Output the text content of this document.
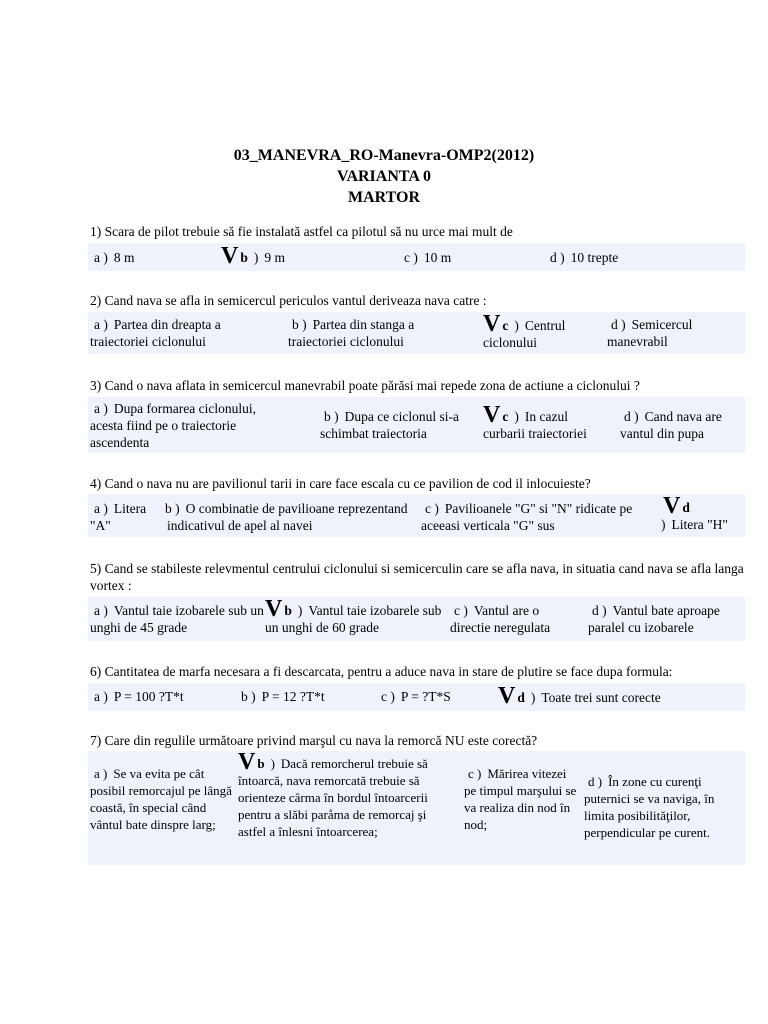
03_MANEVRA_RO-Manevra-OMP2(2012)
VARIANTA 0
MARTOR
1) Scara de pilot trebuie să fie instalată astfel ca pilotul să nu urce mai mult de
a ) 8 m	Vb ) 9 m	c ) 10 m	d ) 10 trepte
2) Cand nava se afla in semicercul periculos vantul deriveaza nava catre :
a ) Partea din dreapta a traiectoriei ciclonului
b ) Partea din stanga a traiectoriei ciclonului
Vc ) Centrul ciclonului
d ) Semicercul manevrabil
3) Cand o nava aflata in semicercul manevrabil poate părăsi mai repede zona de actiune a ciclonului ?
a ) Dupa formarea ciclonului, acesta fiind pe o traiectorie ascendenta
b ) Dupa ce ciclonul si-a schimbat traiectoria
Vc ) In cazul curbarii traiectoriei
d ) Cand nava are vantul din pupa
4) Cand o nava nu are pavilionul tarii in care face escala cu ce pavilion de cod il inlocuieste?
a ) Litera "A"
b ) O combinatie de pavilioane reprezentand indicativul de apel al navei
c ) Pavilioanele "G" si "N" ridicate pe aceeasi verticala "G" sus
Vd
) Litera "H"
5) Cand se stabileste relevmentul centrului ciclonului si semicerculin care se afla nava, in situatia cand nava se afla langa vortex :
a ) Vantul taie izobarele sub un unghi de 45 grade
Vb ) Vantul taie izobarele sub un unghi de 60 grade
c ) Vantul are o directie neregulata
d ) Vantul bate aproape paralel cu izobarele
6) Cantitatea de marfa necesara a fi descarcata, pentru a aduce nava in stare de plutire se face dupa formula:
a ) P = 100 ?T*t	b ) P = 12 ?T*t	c ) P = ?T*S	Vd ) Toate trei sunt corecte
7) Care din regulile următoare privind marşul cu nava la remorcă NU este corectă?
a ) Se va evita pe cât posibil remorcajul pe lângă coastă, în special când vântul bate dinspre larg;
Vb ) Dacă remorcherul trebuie să întoarcă, nava remorcată trebuie să orienteze cârma în bordul întoarcerii pentru a slăbi paråma de remorcaj şi astfel a înlesni întoarcerea;
c ) Mărirea vitezei pe timpul marşului se va realiza din nod în nod;
d ) În zone cu curenţi puternici se va naviga, în limita posibilităţilor, perpendicular pe curent.
